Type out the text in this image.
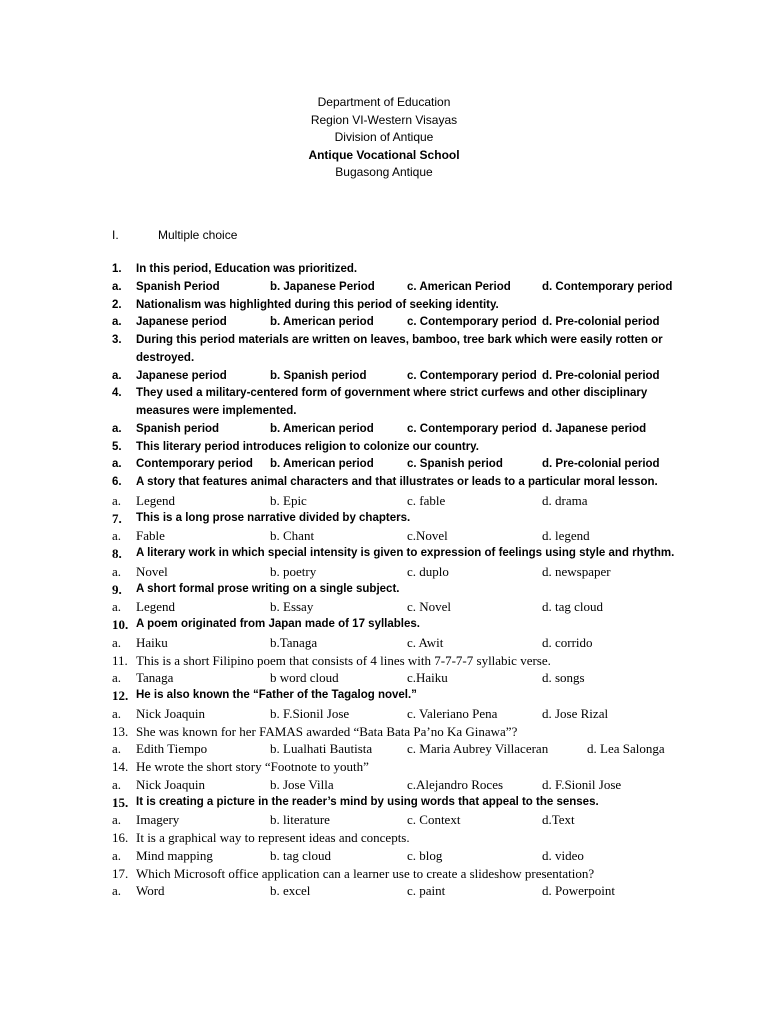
Department of Education
Region VI-Western Visayas
Division of Antique
Antique Vocational School
Bugasong Antique
I.	Multiple choice
1. In this period, Education was prioritized.
a. Spanish Period	b. Japanese Period	c. American Period	d. Contemporary period
2. Nationalism was highlighted during this period of seeking identity.
a. Japanese period	b. American period	c. Contemporary period d. Pre-colonial period
3. During this period materials are written on leaves, bamboo, tree bark which were easily rotten or destroyed.
a. Japanese period	b. Spanish period	c. Contemporary period d. Pre-colonial period
4. They used a military-centered form of government where strict curfews and other disciplinary measures were implemented.
a. Spanish period	b. American period	c. Contemporary period d. Japanese period
5. This literary period introduces religion to colonize our country.
a. Contemporary period b. American period	c. Spanish period	d. Pre-colonial period
6. A story that features animal characters and that illustrates or leads to a particular moral lesson.
a. Legend	b. Epic	c. fable	d. drama
7. This is a long prose narrative divided by chapters.
a. Fable	b. Chant	c.Novel	d. legend
8. A literary work in which special intensity is given to expression of feelings using style and rhythm.
a. Novel	b. poetry	c. duplo	d. newspaper
9. A short formal prose writing on a single subject.
a. Legend	b. Essay	c. Novel	d. tag cloud
10. A poem originated from Japan made of 17 syllables.
a. Haiku	b.Tanaga	c. Awit	d. corrido
11. This is a short Filipino poem that consists of 4 lines with 7-7-7-7 syllabic verse.
a. Tanaga	b word cloud	c.Haiku	d. songs
12. He is also known the “Father of the Tagalog novel.”
a. Nick Joaquin	b. F.Sionil Jose	c. Valeriano Pena	d. Jose Rizal
13. She was known for her FAMAS awarded “Bata Bata Pa’no Ka Ginawa”?
a. Edith Tiempo	b. Lualhati Bautista	c. Maria Aubrey Villaceran	d. Lea Salonga
14. He wrote the short story “Footnote to youth”
a. Nick Joaquin	b. Jose Villa	c.Alejandro Roces	d. F.Sionil Jose
15. It is creating a picture in the reader’s mind by using words that appeal to the senses.
a. Imagery	b. literature	c. Context	d.Text
16. It is a graphical way to represent ideas and concepts.
a. Mind mapping	b. tag cloud	c. blog	d. video
17. Which Microsoft office application can a learner use to create a slideshow presentation?
a. Word	b. excel	c. paint	d. Powerpoint
